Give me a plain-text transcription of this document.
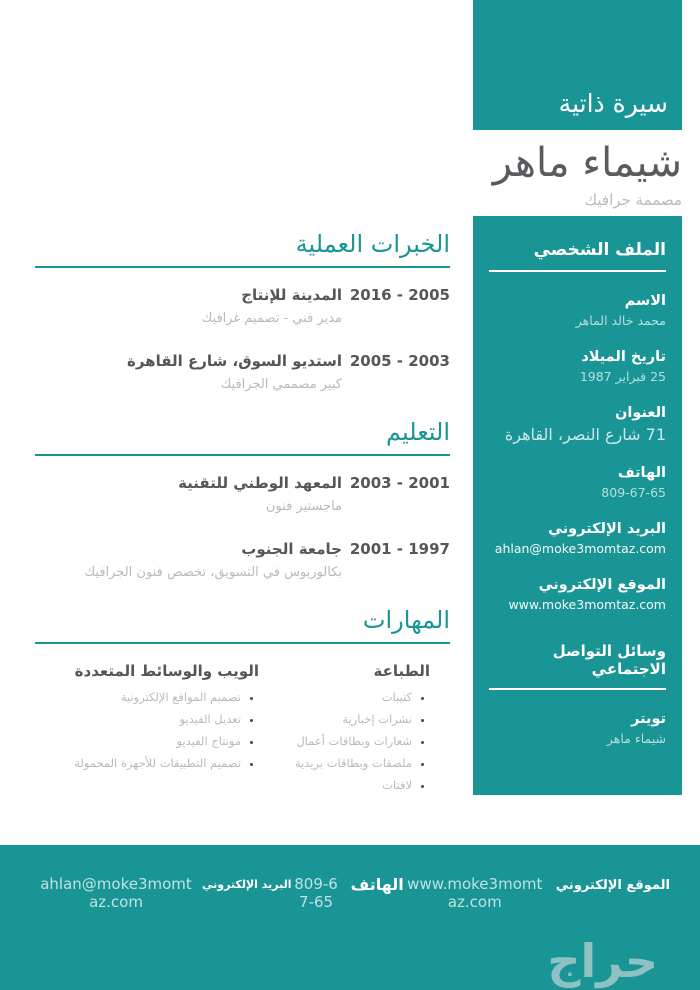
سيرة ذاتية
شيماء ماهر
مصممة جرافيك
الخبرات العملية
2016 - 2005
المدينة للإنتاج
مدير فني - تصميم غرافيك
2005 - 2003
استديو السوق، شارع القاهرة
كبير مصممي الجرافيك
التعليم
2003 - 2001
المعهد الوطني للتقنية
ماجستير فنون
2001 - 1997
جامعة الجنوب
بكالوريوس في التسويق، تخصص فنون الجرافيك
المهارات
الطباعة
• كتيبات
• نشرات إخبارية
• شعارات وبطاقات أعمال
• ملصقات وبطاقات بريدية
• لافتات
الويب والوسائط المتعددة
• تصميم المواقع الإلكترونية
• تعديل الفيديو
• مونتاج الفيديو
• تصميم التطبيقات للأجهزة المحمولة
الملف الشخصي
الاسم
محمد خالد الماهر
تاريخ الميلاد
25 فبراير 1987
العنوان
71 شارع النصر، القاهرة
الهاتف
809-67-65
البريد الإلكتروني
ahlan@moke3momtaz.com
الموقع الإلكتروني
www.moke3momtaz.com
وسائل التواصل الاجتماعي
تويتر
شيماء ماهر
الموقع الإلكتروني
www.moke3momtaz.com
الهاتف
809-67-65
البريد الإلكتروني
ahlan@moke3momtaz.com
حراج
